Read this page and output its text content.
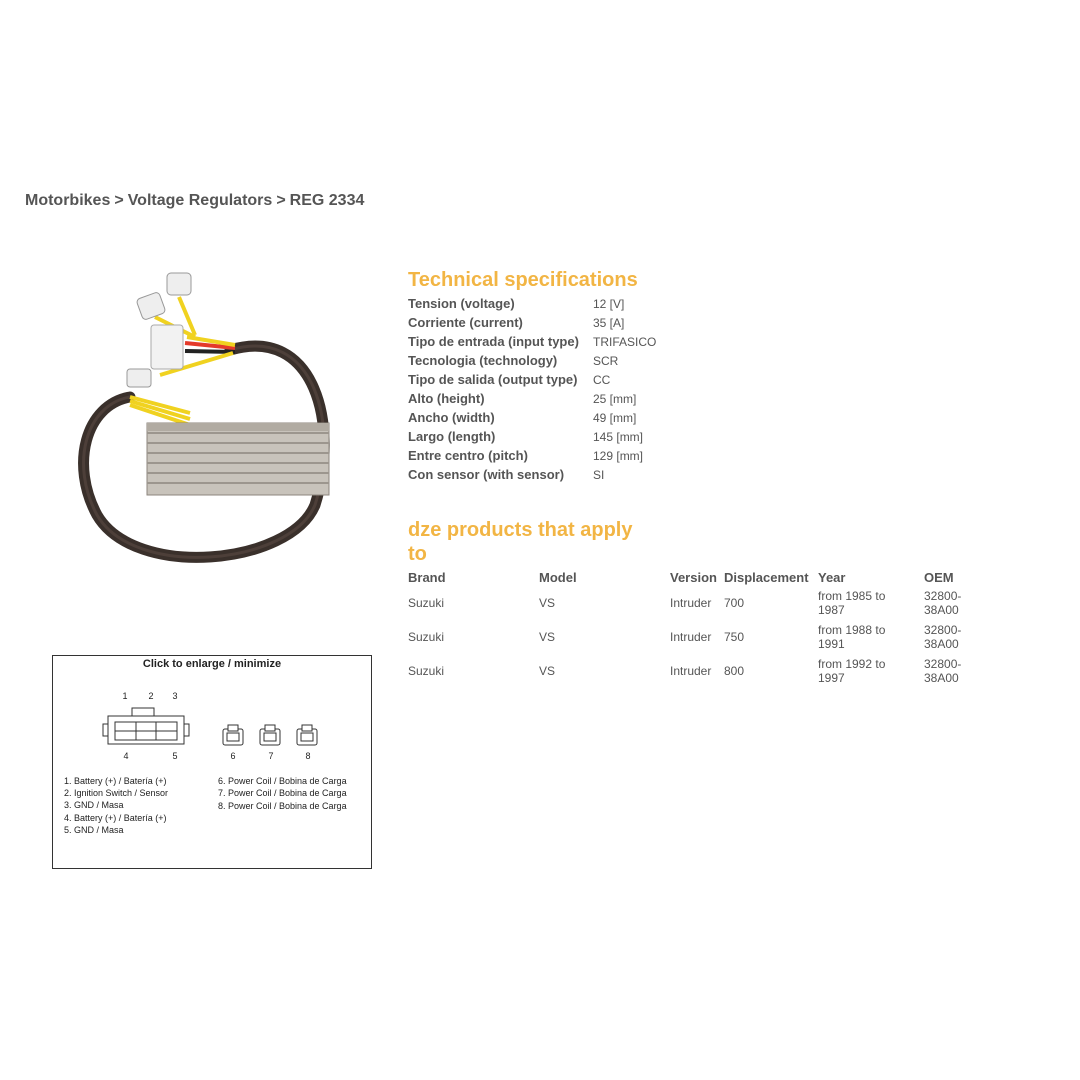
Motorbikes > Voltage Regulators > REG 2334
1 2 3
4	5	6	7	8
1. Battery (+) / Batería (+)
2. Ignition Switch / Sensor
3. GND / Masa
4. Battery (+) / Batería (+)
5. GND / Masa
6. Power Coil / Bobina de Carga
7. Power Coil / Bobina de Carga
8. Power Coil / Bobina de Carga
Click to enlarge / minimize
Technical specifications
Tension (voltage)	12 [V]
Corriente (current)	35 [A]
Tipo de entrada (input type)	TRIFASICO
Tecnologia (technology)	SCR
Tipo de salida (output type)	CC
Alto (height)	25 [mm]
Ancho (width)	49 [mm]
Largo (length)	145 [mm]
Entre centro (pitch)	129 [mm]
Con sensor (with sensor)	SI
dze products that apply
to
Brand	Model	Version	Displacement	Year	OEM
Suzuki	VS	Intruder	700	from 1985 to
1987	32800-
38A00
Suzuki	VS	Intruder	750	from 1988 to
1991	32800-
38A00
Suzuki	VS	Intruder	800	from 1992 to
1997	32800-
38A00
